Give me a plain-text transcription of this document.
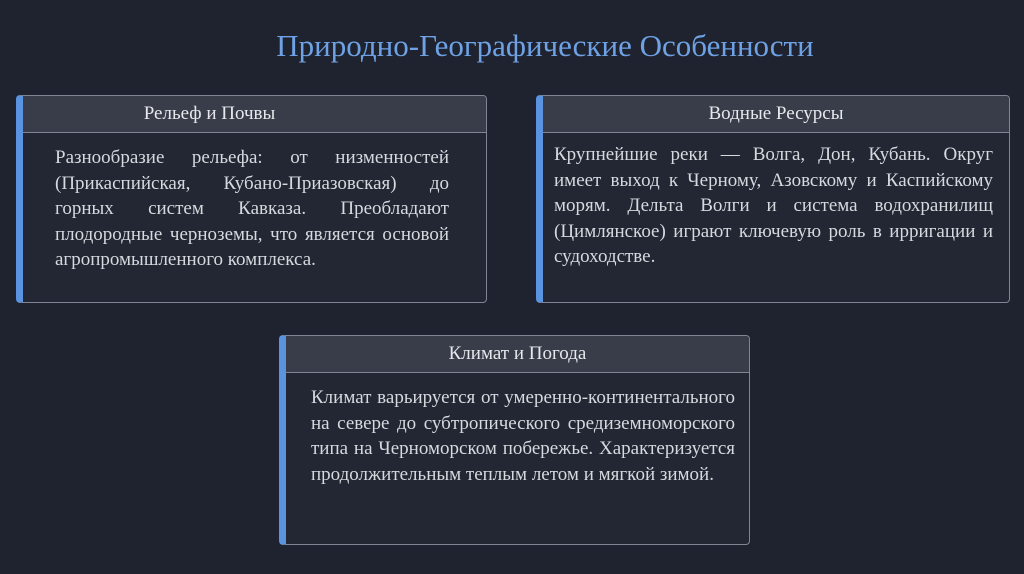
Природно-Географические Особенности
Рельеф и Почвы
Разнообразие рельефа: от низменностей (Прикаспийская, Кубано-Приазовская) до горных систем Кавказа. Преобладают плодородные черноземы, что является основой агропромышленного комплекса.
Водные Ресурсы
Крупнейшие реки — Волга, Дон, Кубань. Округ имеет выход к Черному, Азовскому и Каспийскому морям. Дельта Волги и система водохранилищ (Цимлянское) играют ключевую роль в ирригации и судоходстве.
Климат и Погода
Климат варьируется от умеренно-континентального на севере до субтропического средиземноморского типа на Черноморском побережье. Характеризуется продолжительным теплым летом и мягкой зимой.
